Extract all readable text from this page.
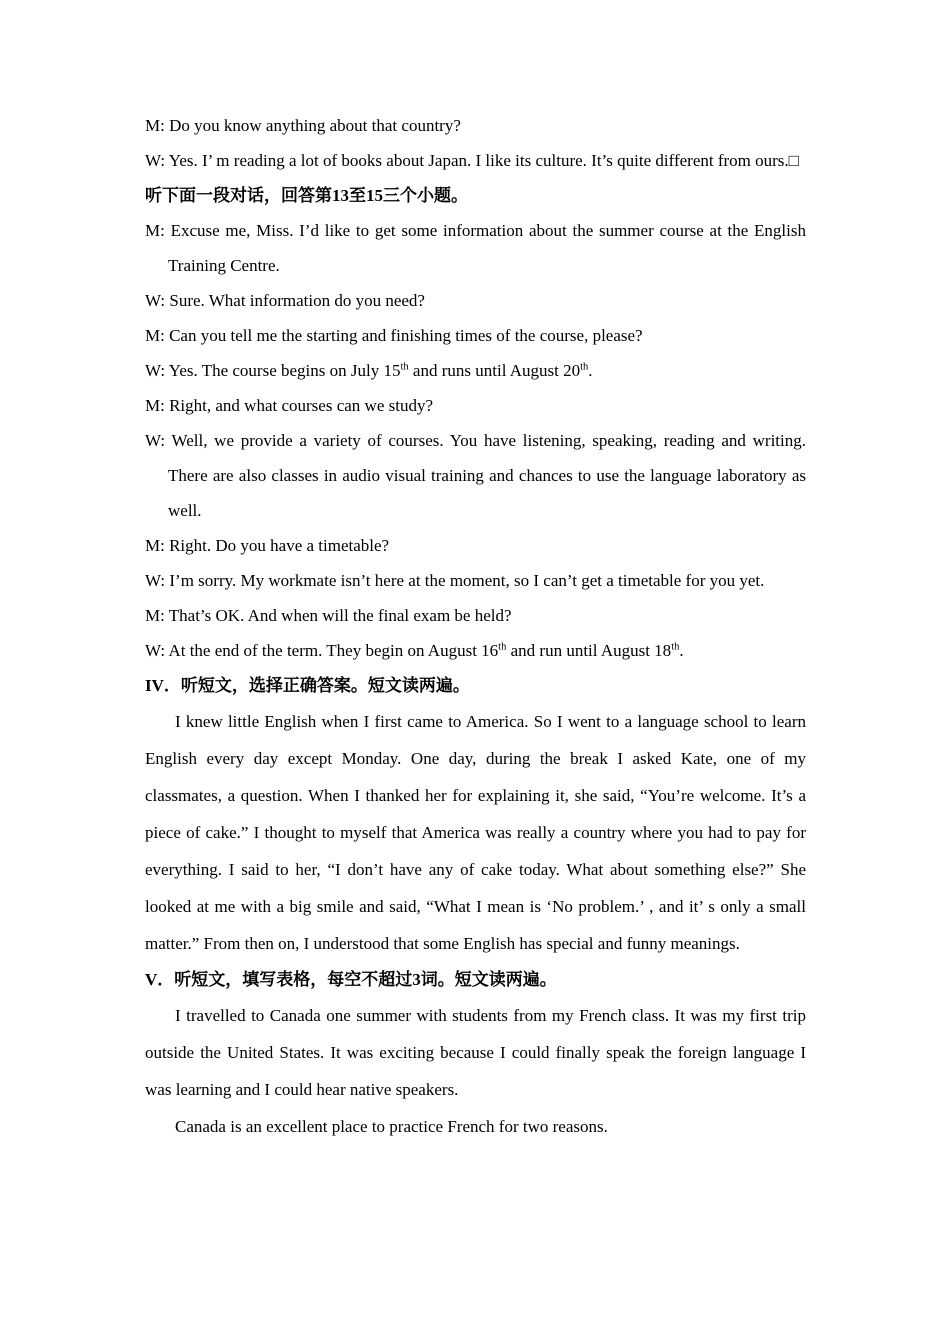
M: Do you know anything about that country?
W: Yes. I’ m reading a lot of books about Japan. I like its culture. It’s quite different from ours.□
听下面一段对话，回答第13至15三个小题。
M: Excuse me, Miss. I’d like to get some information about the summer course at the English Training Centre.
W: Sure. What information do you need?
M: Can you tell me the starting and finishing times of the course, please?
W: Yes. The course begins on July 15th and runs until August 20th.
M: Right, and what courses can we study?
W: Well, we provide a variety of courses. You have listening, speaking, reading and writing. There are also classes in audio visual training and chances to use the language laboratory as well.
M: Right. Do you have a timetable?
W: I’m sorry. My workmate isn’t here at the moment, so I can’t get a timetable for you yet.
M: That’s OK. And when will the final exam be held?
W: At the end of the term. They begin on August 16th and run until August 18th.
IV．听短文，选择正确答案。短文读两遍。
I knew little English when I first came to America. So I went to a language school to learn English every day except Monday. One day, during the break I asked Kate, one of my classmates, a question. When I thanked her for explaining it, she said, “You’re welcome. It’s a piece of cake.” I thought to myself that America was really a country where you had to pay for everything. I said to her, “I don’t have any of cake today. What about something else?” She looked at me with a big smile and said, “What I mean is ‘No problem.’ , and it’ s only a small matter.” From then on, I understood that some English has special and funny meanings.
V．听短文，填写表格，每空不超过3词。短文读两遍。
I travelled to Canada one summer with students from my French class. It was my first trip outside the United States. It was exciting because I could finally speak the foreign language I was learning and I could hear native speakers.
Canada is an excellent place to practice French for two reasons.
